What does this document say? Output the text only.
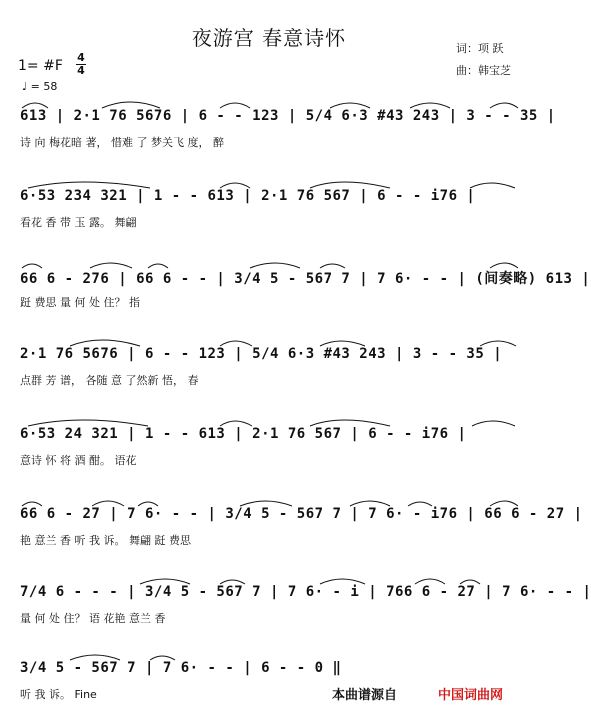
夜游宫 春意诗怀	词：项 跃
曲：韩宝芝
1= #F
4
4
♩ = 58
613 | 2·1 76 5676 | 6 - - 123 | 5/4 6·3 #43 243 | 3 - - 35 |
诗 向 梅花暗 著， 惜难 了 梦关飞 度， 醉
6·53 234 321 | 1 - - 613 | 2·1 76 567 | 6 - - i76 |
看花 香 带 玉 露。 舞翩
66 6 - 276 | 66 6 - - | 3/4 5 - 567 7 | 7 6· - - | (间奏略) 613 |
跹 费思 量 何 处 住？ 指
2·1 76 5676 | 6 - - 123 | 5/4 6·3 #43 243 | 3 - - 35 |
点群 芳 谱， 各随 意 了然新 悟， 春
6·53 24 321 | 1 - - 613 | 2·1 76 567 | 6 - - i76 |
意诗 怀 将 酒 酣。 语花
66 6 - 27 | 7 6· - - | 3/4 5 - 567 7 | 7 6· - i76 | 66 6 - 27 |
艳 意兰 香 听 我 诉。 舞翩 跹 费思
7/4 6 - - - | 3/4 5 - 567 7 | 7 6· - i | 766 6 - 27 | 7 6· - - |
量 何 处 住？ 语 花艳 意兰 香
3/4 5 - 567 7 | 7 6· - - | 6 - - 0 ‖
听 我 诉。 Fine	本曲谱源自	中国词曲网
